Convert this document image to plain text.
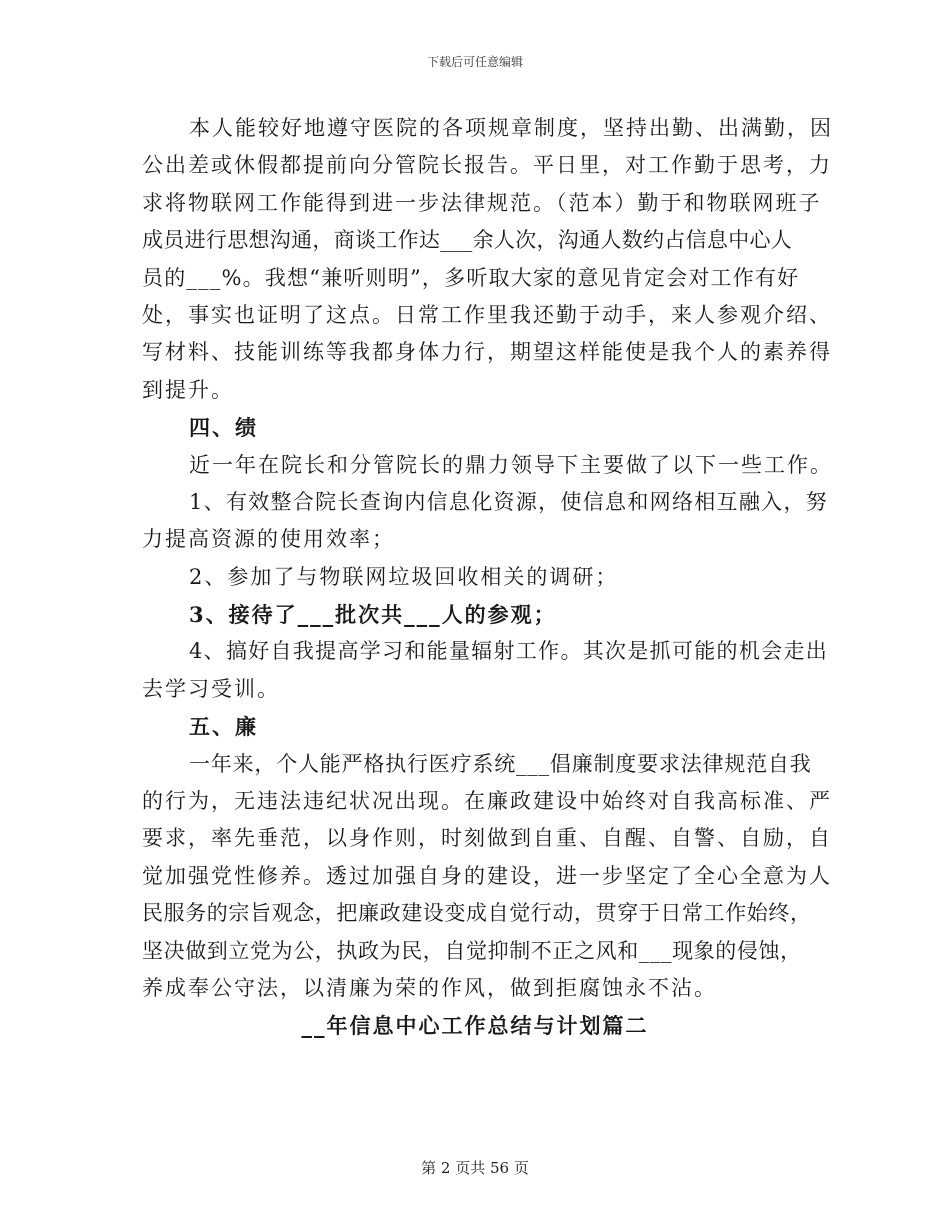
下载后可任意编辑
本人能较好地遵守医院的各项规章制度，坚持出勤、出满勤，因
公出差或休假都提前向分管院长报告。平日里，对工作勤于思考，力
求将物联网工作能得到进一步法律规范。（范本）勤于和物联网班子
成员进行思想沟通，商谈工作达___余人次，沟通人数约占信息中心人
员的___%。我想“兼听则明”，多听取大家的意见肯定会对工作有好
处，事实也证明了这点。日常工作里我还勤于动手，来人参观介绍、
写材料、技能训练等我都身体力行，期望这样能使是我个人的素养得
到提升。
四、绩
近一年在院长和分管院长的鼎力领导下主要做了以下一些工作。
1、有效整合院长查询内信息化资源，使信息和网络相互融入，努
力提高资源的使用效率；
2、参加了与物联网垃圾回收相关的调研；
3、接待了___批次共___人的参观；
4、搞好自我提高学习和能量辐射工作。其次是抓可能的机会走出
去学习受训。
五、廉
一年来，个人能严格执行医疗系统___倡廉制度要求法律规范自我
的行为，无违法违纪状况出现。在廉政建设中始终对自我高标准、严
要求，率先垂范，以身作则，时刻做到自重、自醒、自警、自励，自
觉加强党性修养。透过加强自身的建设，进一步坚定了全心全意为人
民服务的宗旨观念，把廉政建设变成自觉行动，贯穿于日常工作始终，
坚决做到立党为公，执政为民，自觉抑制不正之风和___现象的侵蚀，
养成奉公守法，以清廉为荣的作风，做到拒腐蚀永不沾。
__年信息中心工作总结与计划篇二
第 2 页共 56 页
